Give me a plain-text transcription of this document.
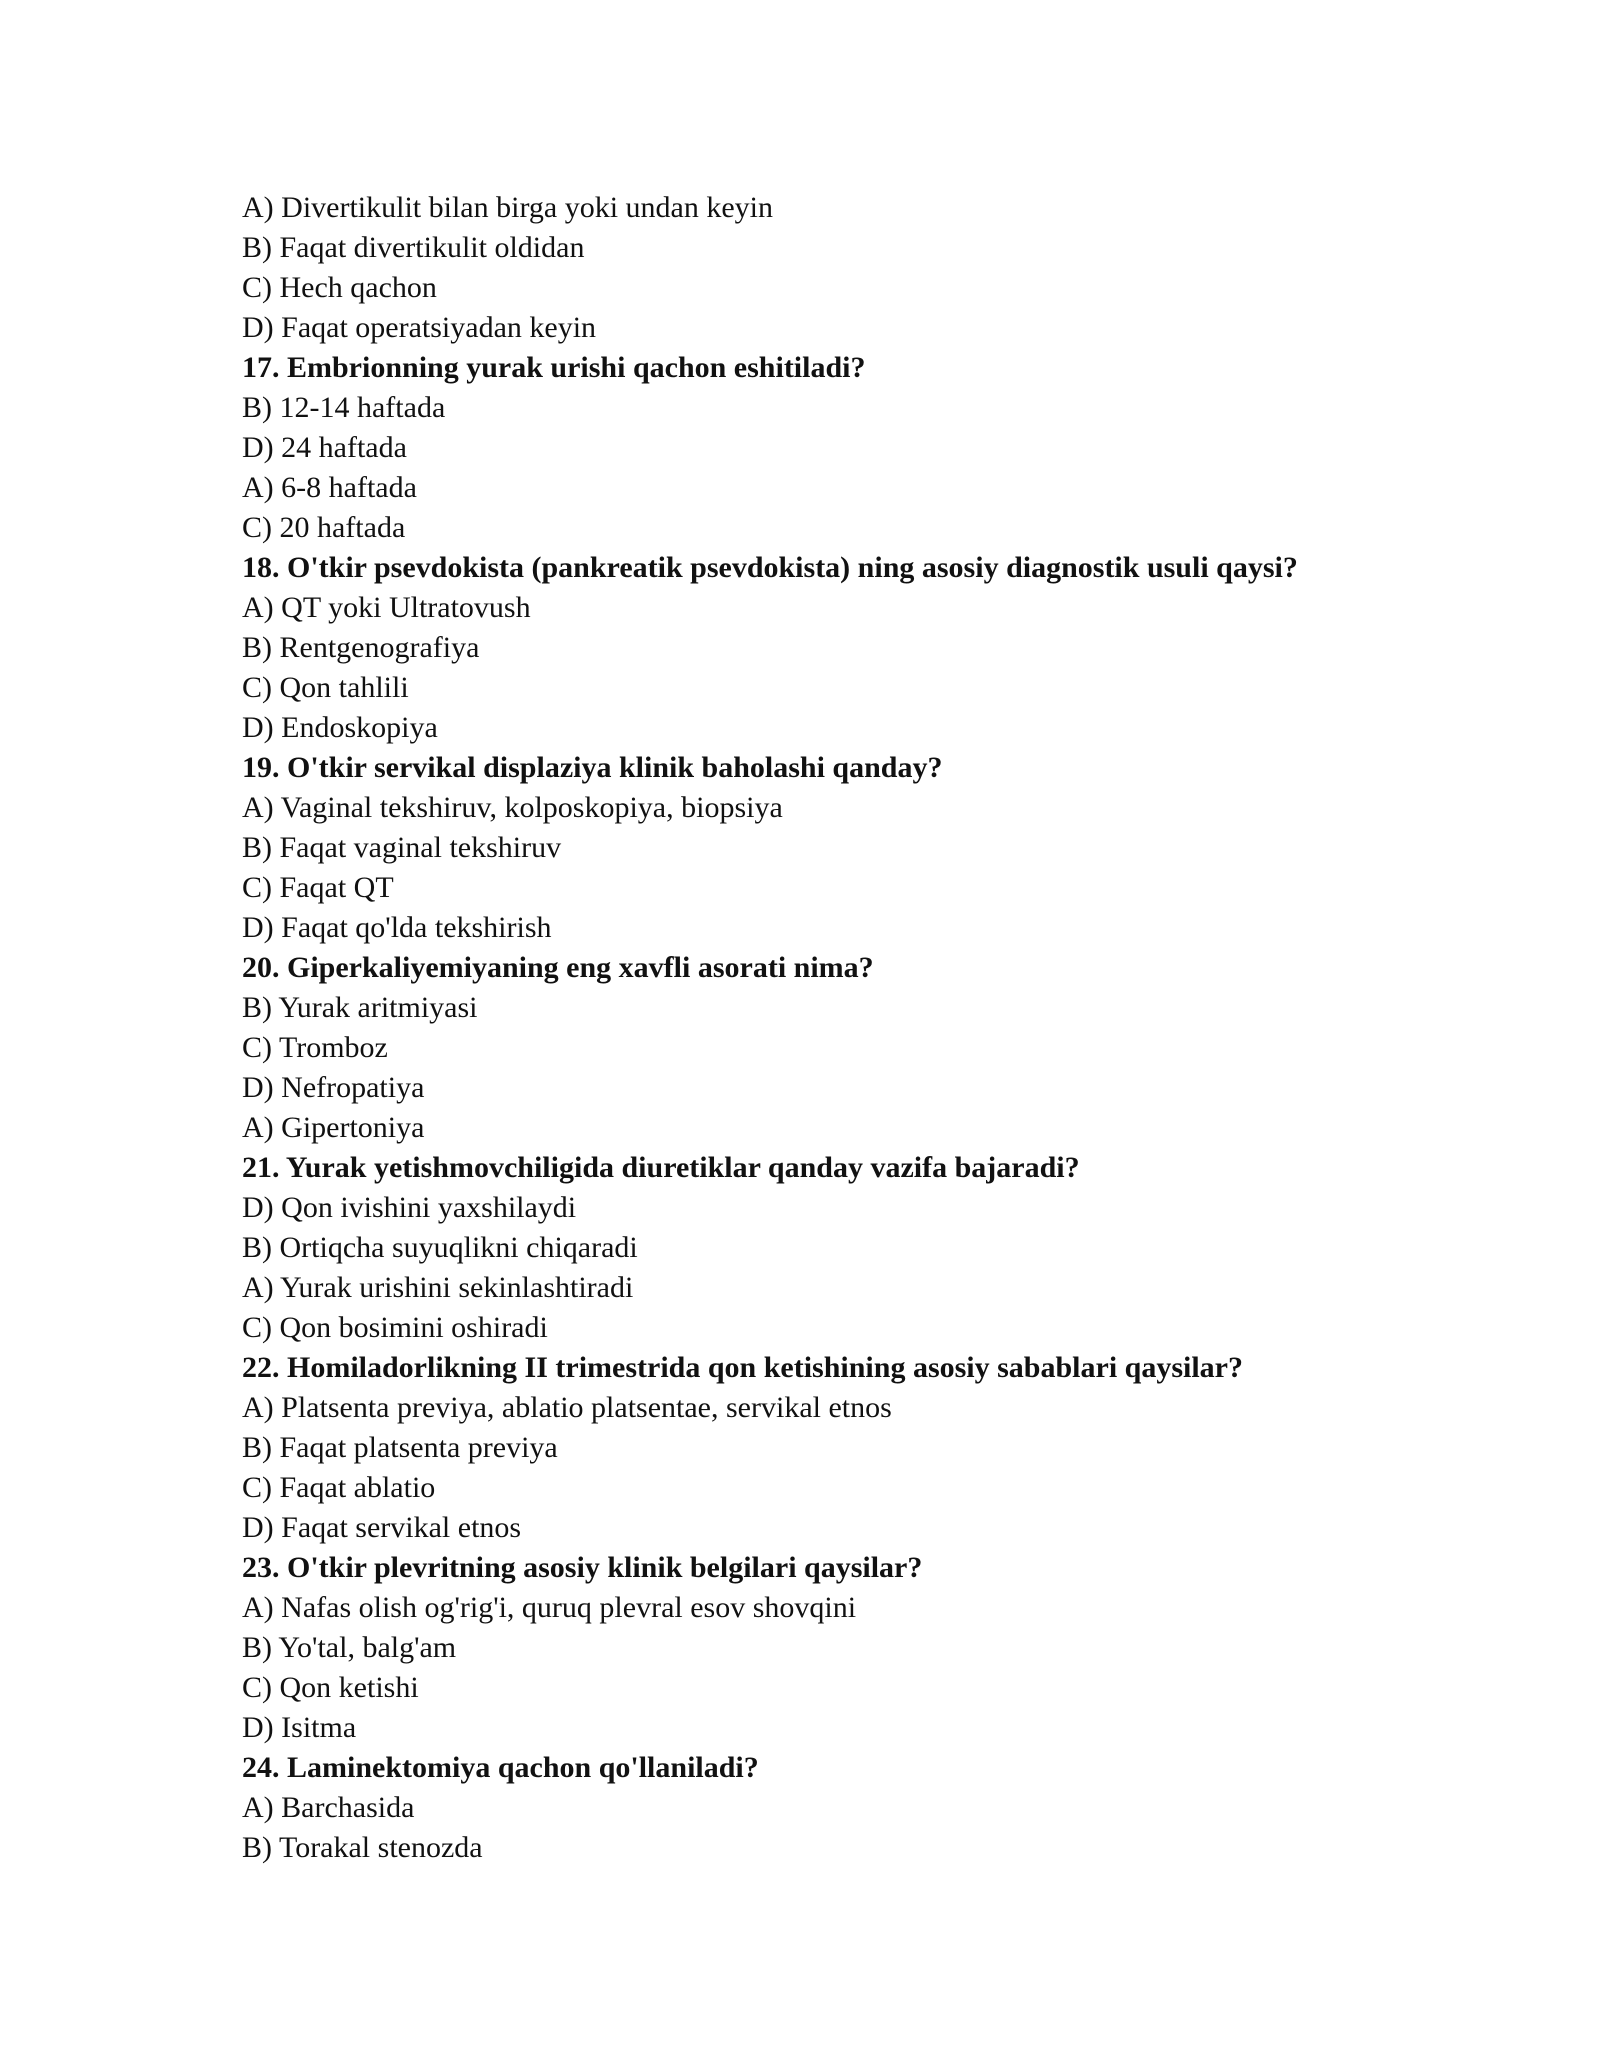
A) Divertikulit bilan birga yoki undan keyin
B) Faqat divertikulit oldidan
C) Hech qachon
D) Faqat operatsiyadan keyin
17. Embrionning yurak urishi qachon eshitiladi?
B) 12-14 haftada
D) 24 haftada
A) 6-8 haftada
C) 20 haftada
18. O'tkir psevdokista (pankreatik psevdokista) ning asosiy diagnostik usuli qaysi?
A) QT yoki Ultratovush
B) Rentgenografiya
C) Qon tahlili
D) Endoskopiya
19. O'tkir servikal displaziya klinik baholashi qanday?
A) Vaginal tekshiruv, kolposkopiya, biopsiya
B) Faqat vaginal tekshiruv
C) Faqat QT
D) Faqat qo'lda tekshirish
20. Giperkaliyemiyaning eng xavfli asorati nima?
B) Yurak aritmiyasi
C) Tromboz
D) Nefropatiya
A) Gipertoniya
21. Yurak yetishmovchiligida diuretiklar qanday vazifa bajaradi?
D) Qon ivishini yaxshilaydi
B) Ortiqcha suyuqlikni chiqaradi
A) Yurak urishini sekinlashtiradi
C) Qon bosimini oshiradi
22. Homiladorlikning II trimestrida qon ketishining asosiy sabablari qaysilar?
A) Platsenta previya, ablatio platsentae, servikal etnos
B) Faqat platsenta previya
C) Faqat ablatio
D) Faqat servikal etnos
23. O'tkir plevritning asosiy klinik belgilari qaysilar?
A) Nafas olish og'rig'i, quruq plevral esov shovqini
B) Yo'tal, balg'am
C) Qon ketishi
D) Isitma
24. Laminektomiya qachon qo'llaniladi?
A) Barchasida
B) Torakal stenozda
